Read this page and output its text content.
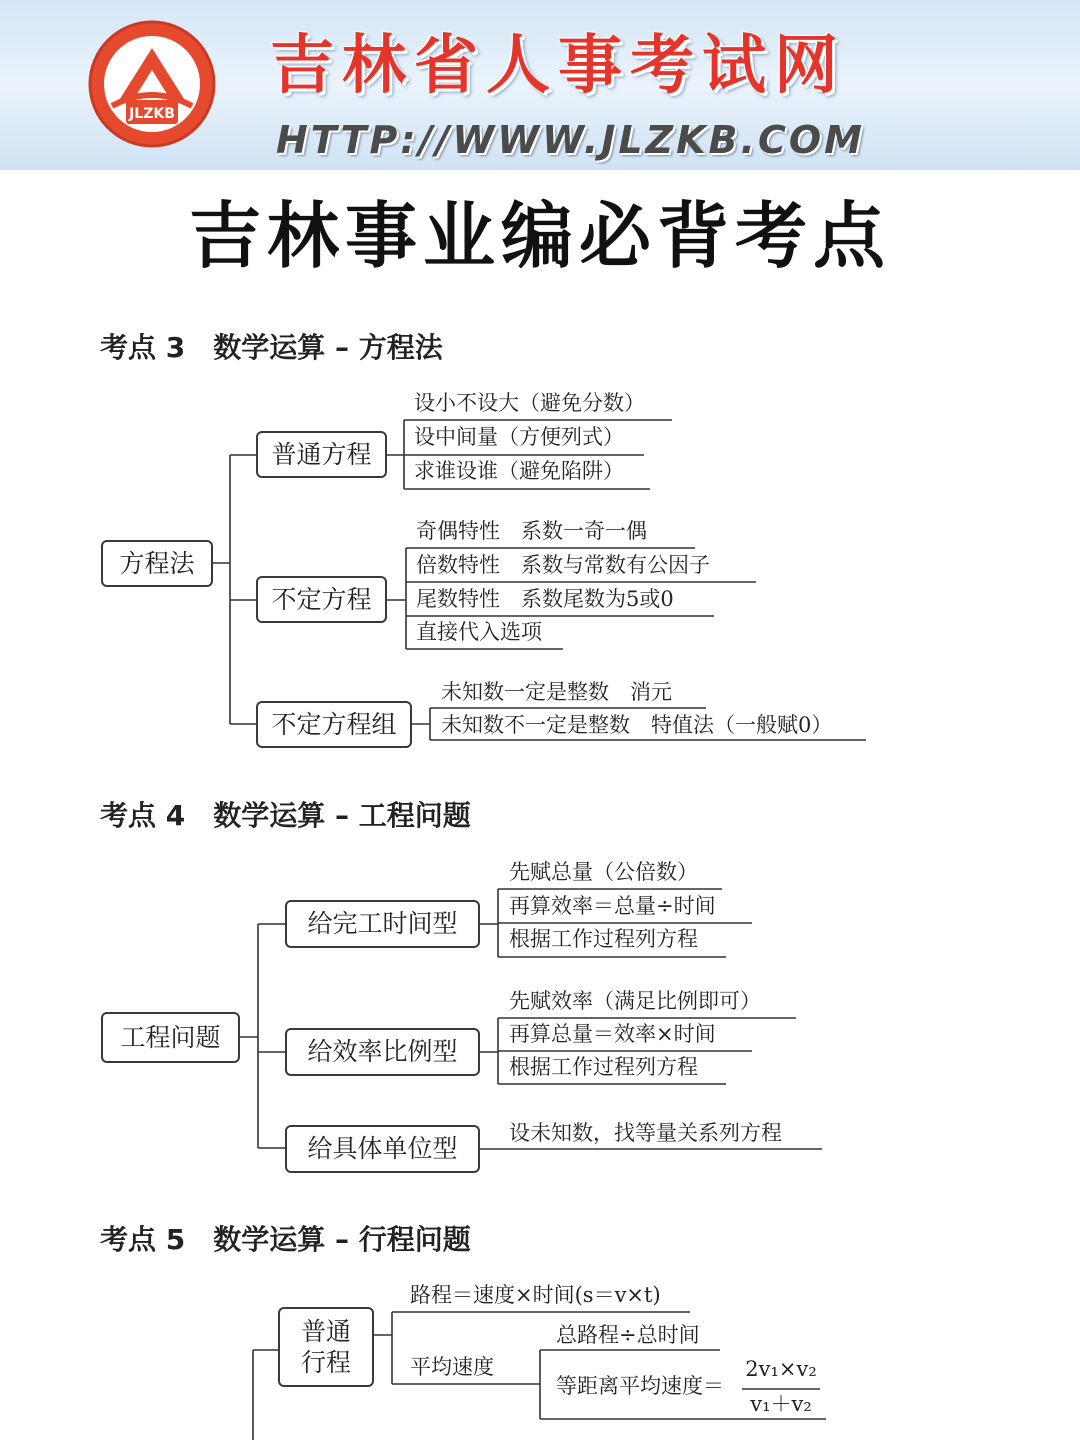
JLZKB
吉林省人事考试网
HTTP://WWW.JLZKB.COM
吉林事业编必背考点
考点 3　数学运算 – 方程法
方程法
普通方程
不定方程
不定方程组
设小不设大（避免分数）
设中间量（方便列式）
求谁设谁（避免陷阱）
奇偶特性　系数一奇一偶
倍数特性　系数与常数有公因子
尾数特性　系数尾数为5或0
直接代入选项
未知数一定是整数　消元
未知数不一定是整数　特值法（一般赋0）
考点 4　数学运算 – 工程问题
工程问题
给完工时间型
给效率比例型
给具体单位型
先赋总量（公倍数）
再算效率＝总量÷时间
根据工作过程列方程
先赋效率（满足比例即可）
再算总量＝效率×时间
根据工作过程列方程
设未知数，找等量关系列方程
考点 5　数学运算 – 行程问题
普通
行程
路程＝速度×时间(s＝v×t)
平均速度
总路程÷总时间
等距离平均速度＝
2v₁×v₂
v₁＋v₂
